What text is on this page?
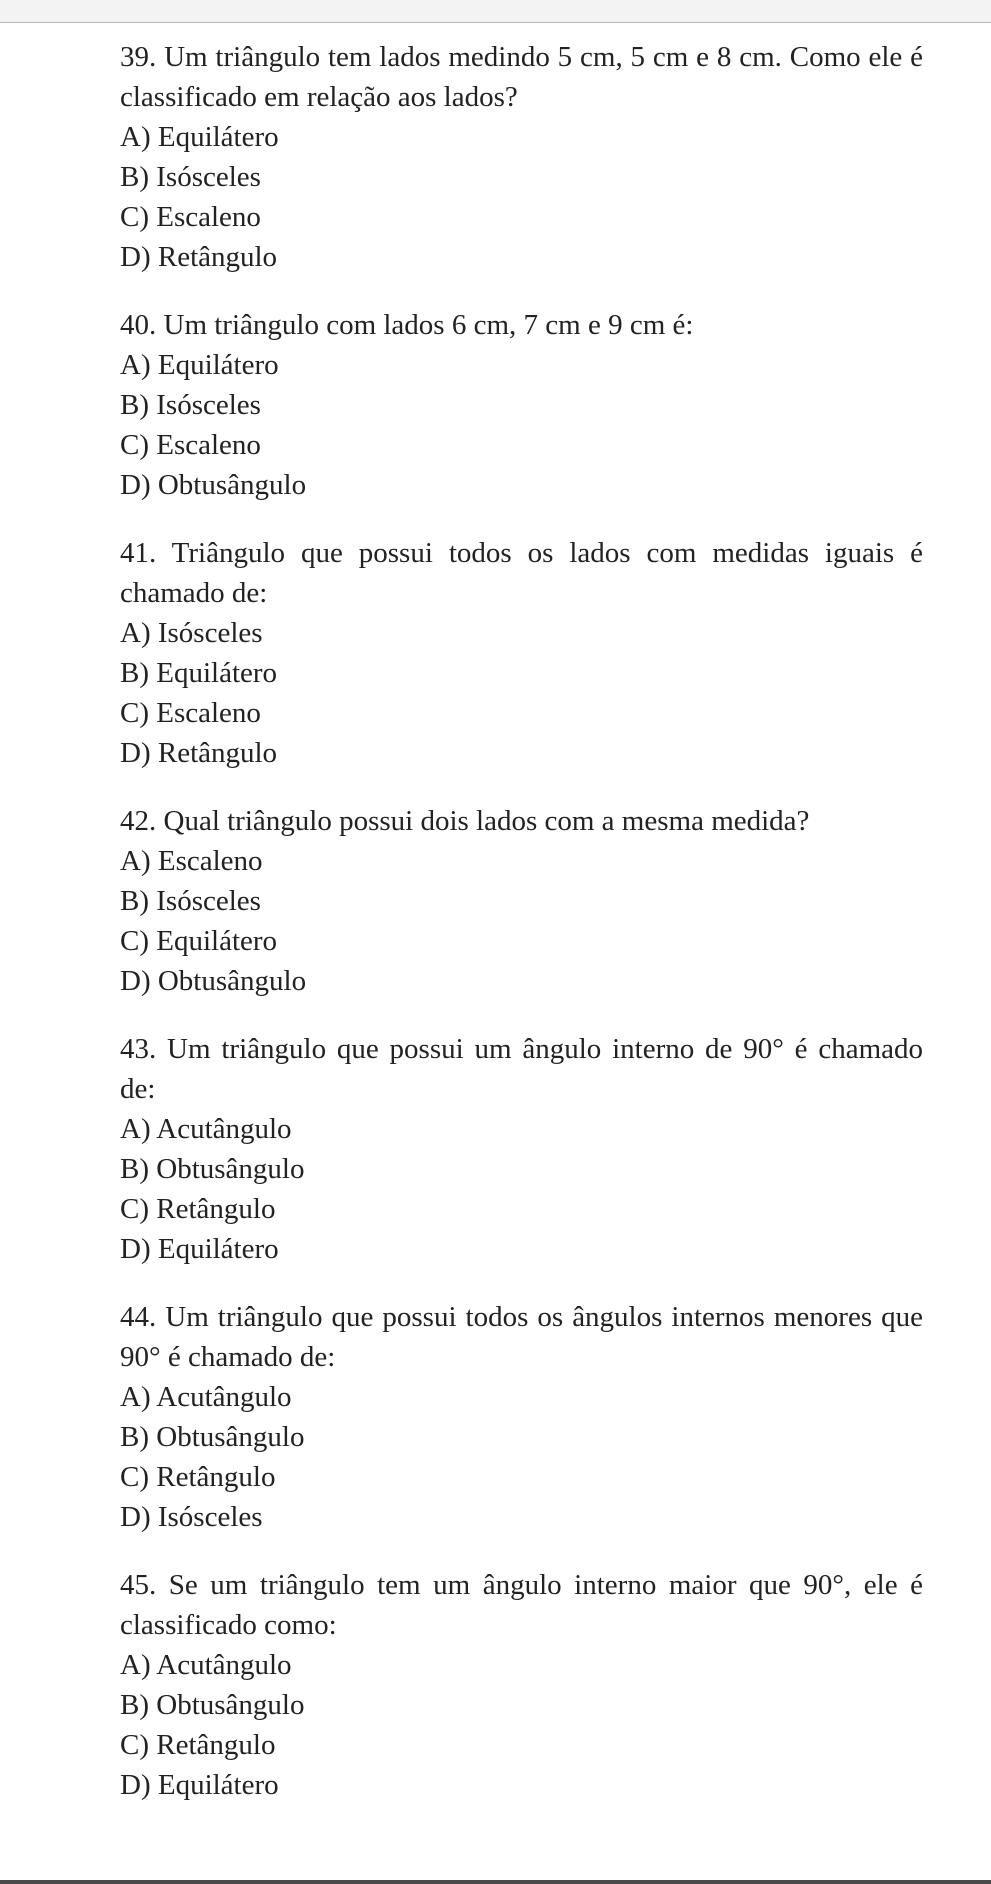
39. Um triângulo tem lados medindo 5 cm, 5 cm e 8 cm. Como ele é classificado em relação aos lados?

A) Equilátero

B) Isósceles

C) Escaleno

D) Retângulo

40. Um triângulo com lados 6 cm, 7 cm e 9 cm é:

A) Equilátero

B) Isósceles

C) Escaleno

D) Obtusângulo

41. Triângulo que possui todos os lados com medidas iguais é chamado de:

A) Isósceles

B) Equilátero

C) Escaleno

D) Retângulo

42. Qual triângulo possui dois lados com a mesma medida?

A) Escaleno

B) Isósceles

C) Equilátero

D) Obtusângulo

43. Um triângulo que possui um ângulo interno de 90° é chamado de:

A) Acutângulo

B) Obtusângulo

C) Retângulo

D) Equilátero

44. Um triângulo que possui todos os ângulos internos menores que 90° é chamado de:

A) Acutângulo

B) Obtusângulo

C) Retângulo

D) Isósceles

45. Se um triângulo tem um ângulo interno maior que 90°, ele é classificado como:

A) Acutângulo

B) Obtusângulo

C) Retângulo

D) Equilátero
